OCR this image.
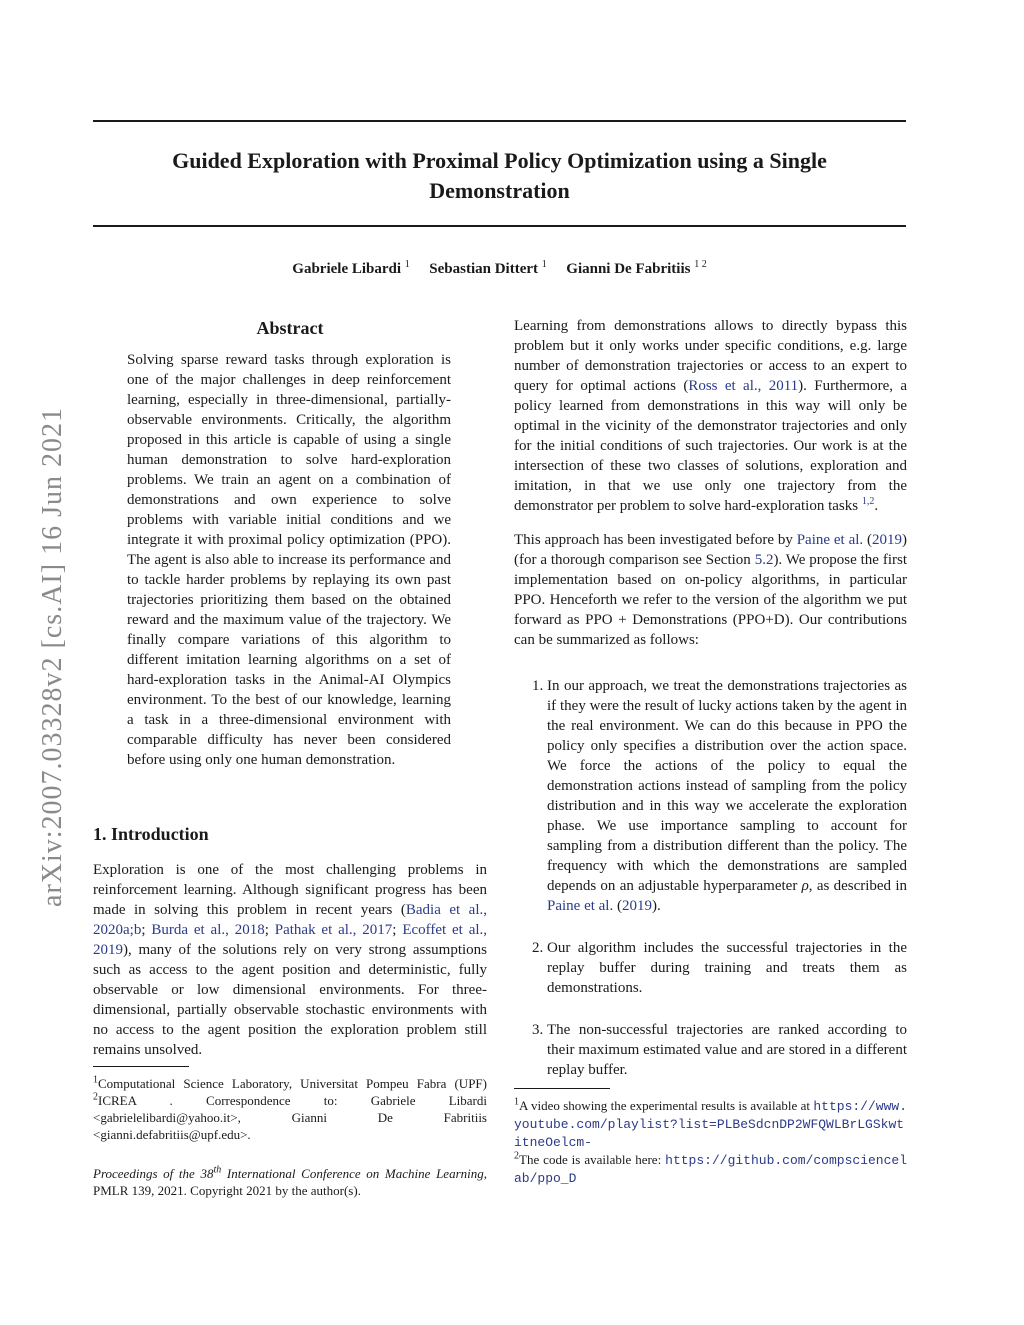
Guided Exploration with Proximal Policy Optimization using a Single
Demonstration
Gabriele Libardi $^1$ Sebastian Dittert $^1$ Gianni De Fabritiis $^{1 2}$
arXiv:2007.03328v2 [cs.AI] 16 Jun 2021
Abstract

Solving sparse reward tasks through exploration is one of the major challenges in deep reinforcement learning, especially in three-dimensional, partially-observable environments. Critically, the algorithm proposed in this article is capable of using a single human demonstration to solve hard-exploration problems. We train an agent on a combination of demonstrations and own experience to solve problems with variable initial conditions and we integrate it with proximal policy optimization (PPO). The agent is also able to increase its performance and to tackle harder problems by replaying its own past trajectories prioritizing them based on the obtained reward and the maximum value of the trajectory. We finally compare variations of this algorithm to different imitation learning algorithms on a set of hard-exploration tasks in the Animal-AI Olympics environment. To the best of our knowledge, learning a task in a three-dimensional environment with comparable difficulty has never been considered before using only one human demonstration.

1. Introduction

Exploration is one of the most challenging problems in reinforcement learning. Although significant progress has been made in solving this problem in recent years (Badia et al., 2020a;b; Burda et al., 2018; Pathak et al., 2017; Ecoffet et al., 2019), many of the solutions rely on very strong assumptions such as access to the agent position and deterministic, fully observable or low dimensional environments. For three-dimensional, partially observable stochastic environments with no access to the agent position the exploration problem still remains unsolved.

$^1$Computational Science Laboratory, Universitat Pompeu Fabra (UPF) $^2$ICREA . Correspondence to: Gabriele Libardi <gabrielelibardi@yahoo.it>, Gianni De Fabritiis <gianni.defabritiis@upf.edu>.

Proceedings of the 38th International Conference on Machine Learning, PMLR 139, 2021. Copyright 2021 by the author(s).

Learning from demonstrations allows to directly bypass this problem but it only works under specific conditions, e.g. large number of demonstration trajectories or access to an expert to query for optimal actions (Ross et al., 2011). Furthermore, a policy learned from demonstrations in this way will only be optimal in the vicinity of the demonstrator trajectories and only for the initial conditions of such trajectories. Our work is at the intersection of these two classes of solutions, exploration and imitation, in that we use only one trajectory from the demonstrator per problem to solve hard-exploration tasks $^{1,2}$.

This approach has been investigated before by Paine et al. (2019) (for a thorough comparison see Section 5.2). We propose the first implementation based on on-policy algorithms, in particular PPO. Henceforth we refer to the version of the algorithm we put forward as PPO + Demonstrations (PPO+D). Our contributions can be summarized as follows:

1. In our approach, we treat the demonstrations trajectories as if they were the result of lucky actions taken by the agent in the real environment. We can do this because in PPO the policy only specifies a distribution over the action space. We force the actions of the policy to equal the demonstration actions instead of sampling from the policy distribution and in this way we accelerate the exploration phase. We use importance sampling to account for sampling from a distribution different than the policy. The frequency with which the demonstrations are sampled depends on an adjustable hyperparameter ρ, as described in Paine et al. (2019).
2. Our algorithm includes the successful trajectories in the replay buffer during training and treats them as demonstrations.
3. The non-successful trajectories are ranked according to their maximum estimated value and are stored in a different replay buffer.

$^1$A video showing the experimental results is available at https://www.youtube.com/playlist?list=PLBeSdcnDP2WFQWLBrLGSkwtitneOelcm-

$^2$The code is available here: https://github.com/compsciencelab/ppo_D
